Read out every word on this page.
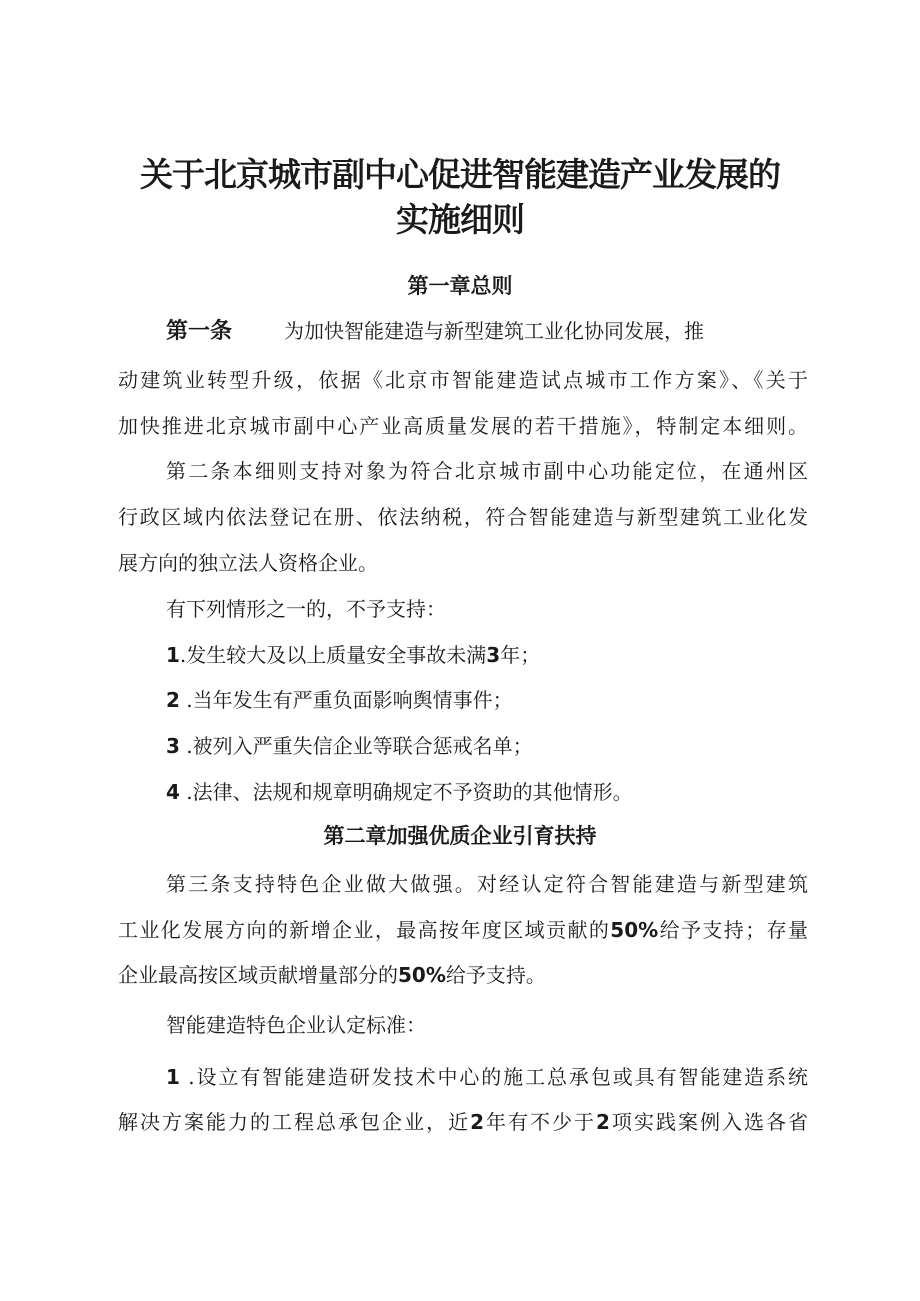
关于北京城市副中心促进智能建造产业发展的
实施细则
第一章总则

第一条	为加快智能建造与新型建筑工业化协同发展，推

动建筑业转型升级，依据《北京市智能建造试点城市工作方案》、《关于

加快推进北京城市副中心产业高质量发展的若干措施》，特制定本细则。

第二条本细则支持对象为符合北京城市副中心功能定位，在通州区

行政区域内依法登记在册、依法纳税，符合智能建造与新型建筑工业化发

展方向的独立法人资格企业。

有下列情形之一的，不予支持：

1.发生较大及以上质量安全事故未满3年；

2 .当年发生有严重负面影响舆情事件；

3 .被列入严重失信企业等联合惩戒名单；

4 .法律、法规和规章明确规定不予资助的其他情形。

第二章加强优质企业引育扶持

第三条支持特色企业做大做强。对经认定符合智能建造与新型建筑

工业化发展方向的新增企业，最高按年度区域贡献的50%给予支持；存量

企业最高按区域贡献增量部分的50%给予支持。

智能建造特色企业认定标准：

1 .设立有智能建造研发技术中心的施工总承包或具有智能建造系统

解决方案能力的工程总承包企业，近2年有不少于2项实践案例入选各省
